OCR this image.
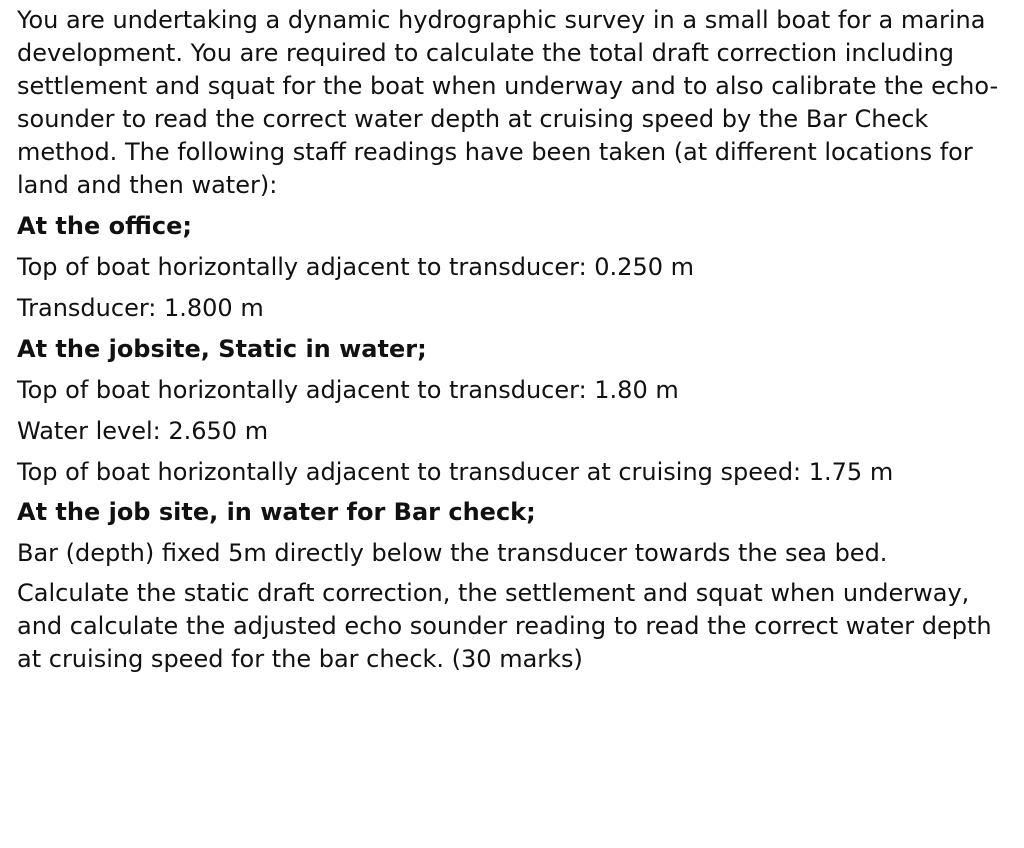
You are undertaking a dynamic hydrographic survey in a small boat for a marina development. You are required to calculate the total draft correction including settlement and squat for the boat when underway and to also calibrate the echo-sounder to read the correct water depth at cruising speed by the Bar Check method. The following staff readings have been taken (at different locations for land and then water):

At the office;
Top of boat horizontally adjacent to transducer: 0.250 m
Transducer: 1.800 m
At the jobsite, Static in water;
Top of boat horizontally adjacent to transducer: 1.80 m
Water level: 2.650 m
Top of boat horizontally adjacent to transducer at cruising speed: 1.75 m
At the job site, in water for Bar check;
Bar (depth) fixed 5m directly below the transducer towards the sea bed.

Calculate the static draft correction, the settlement and squat when underway, and calculate the adjusted echo sounder reading to read the correct water depth at cruising speed for the bar check. (30 marks)
